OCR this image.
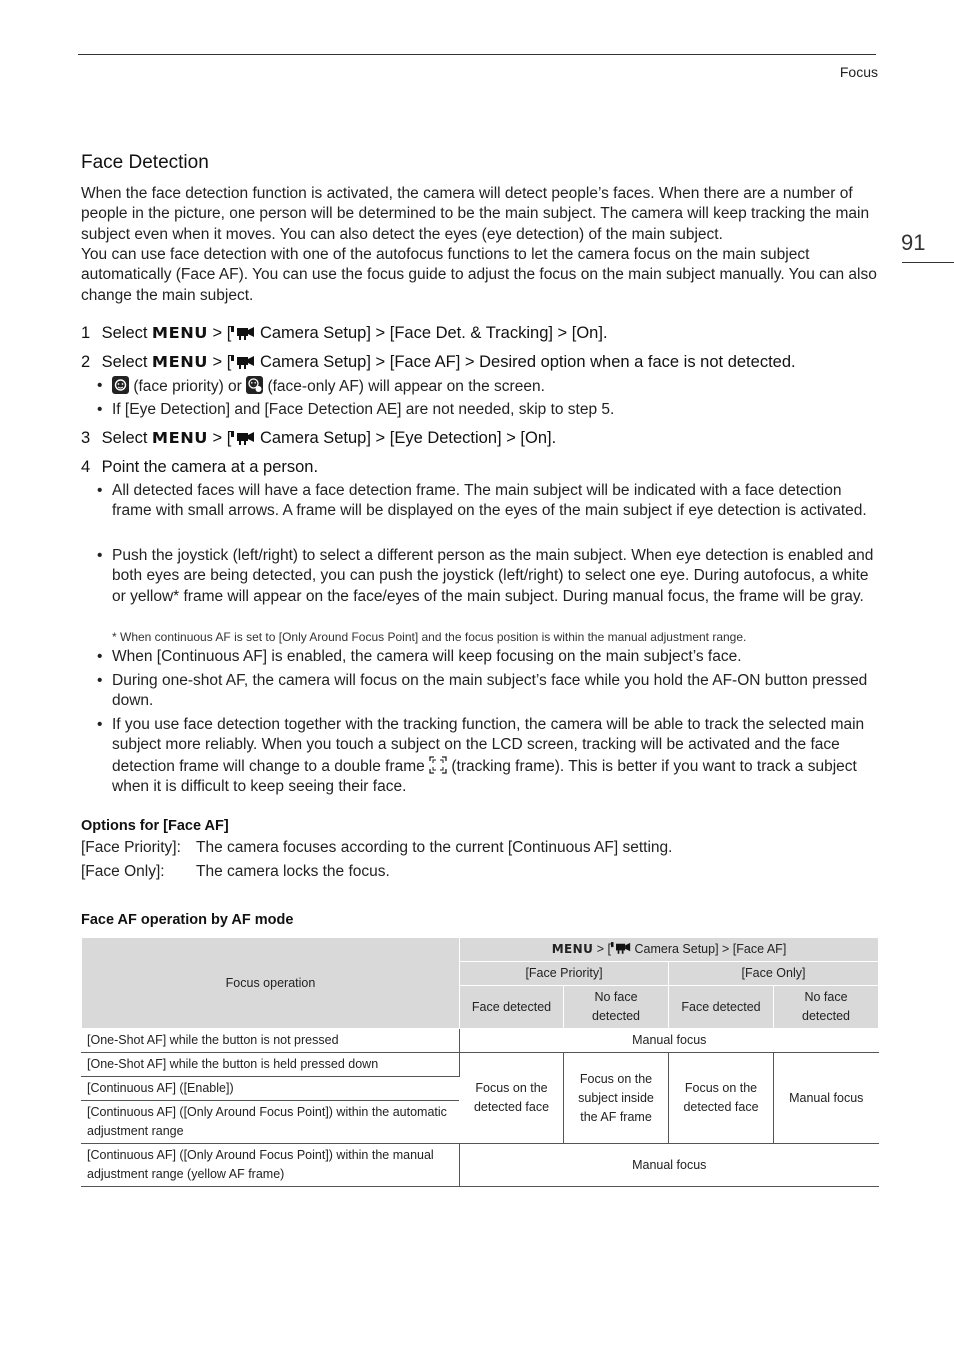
Focus
91
Face Detection
When the face detection function is activated, the camera will detect people’s faces. When there are a number of people in the picture, one person will be determined to be the main subject. The camera will keep tracking the main subject even when it moves. You can also detect the eyes (eye detection) of the main subject.
You can use face detection with one of the autofocus functions to let the camera focus on the main subject automatically (Face AF). You can use the focus guide to adjust the focus on the main subject manually. You can also change the main subject.
1 Select MENU > [ Camera Setup] > [Face Det. & Tracking] > [On].
2 Select MENU > [ Camera Setup] > [Face AF] > Desired option when a face is not detected.
•	(face priority) or (face-only AF) will appear on the screen.
• If [Eye Detection] and [Face Detection AE] are not needed, skip to step 5.
3 Select MENU > [ Camera Setup] > [Eye Detection] > [On].
4 Point the camera at a person.
• All detected faces will have a face detection frame. The main subject will be indicated with a face detection frame with small arrows. A frame will be displayed on the eyes of the main subject if eye detection is activated.
• Push the joystick (left/right) to select a different person as the main subject. When eye detection is enabled and both eyes are being detected, you can push the joystick (left/right) to select one eye. During autofocus, a white or yellow* frame will appear on the face/eyes of the main subject. During manual focus, the frame will be gray.
* When continuous AF is set to [Only Around Focus Point] and the focus position is within the manual adjustment range.
• When [Continuous AF] is enabled, the camera will keep focusing on the main subject’s face.
• During one-shot AF, the camera will focus on the main subject’s face while you hold the AF-ON button pressed down.
• If you use face detection together with the tracking function, the camera will be able to track the selected main subject more reliably. When you touch a subject on the LCD screen, tracking will be activated and the face detection frame will change to a double frame (tracking frame). This is better if you want to track a subject when it is difficult to keep seeing their face.
Options for [Face AF]
[Face Priority]: The camera focuses according to the current [Continuous AF] setting.
[Face Only]: The camera locks the focus.
Face AF operation by AF mode
Focus operation	MENU > [ Camera Setup] > [Face AF]			
	[Face Priority]		[Face Only]	
	Face detected	No face detected	Face detected	No face detected
[One-Shot AF] while the button is not pressed	Manual focus			
[One-Shot AF] while the button is held pressed down	Focus on the detected face	Focus on the subject inside the AF frame	Focus on the detected face	Manual focus
[Continuous AF] ([Enable])				
[Continuous AF] ([Only Around Focus Point]) within the automatic adjustment range				
[Continuous AF] ([Only Around Focus Point]) within the manual adjustment range (yellow AF frame)	Manual focus			
